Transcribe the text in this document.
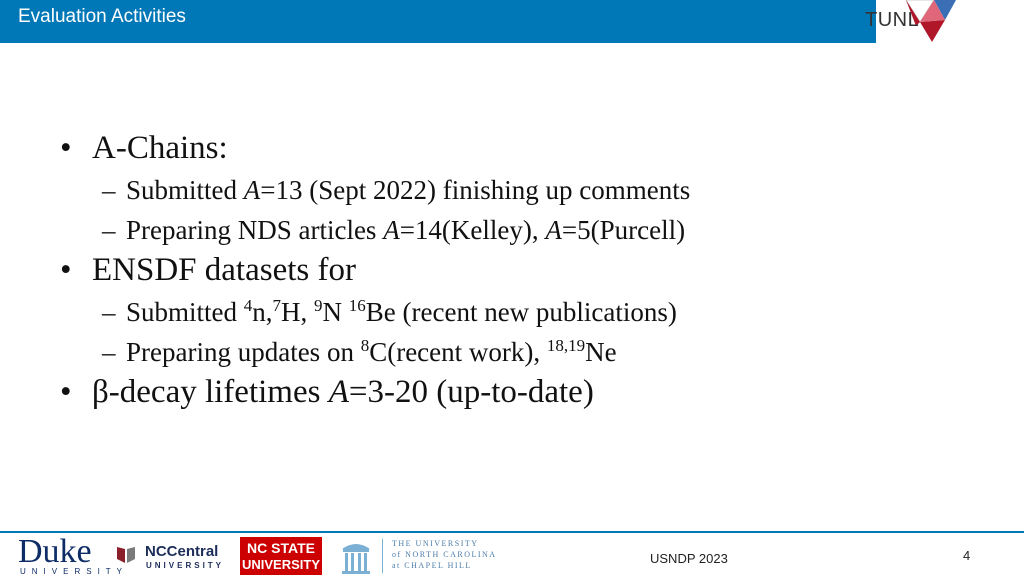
Evaluation Activities	TUNL
• A-Chains:
– Submitted A=13 (Sept 2022) finishing up comments
– Preparing NDS articles A=14(Kelley), A=5(Purcell)
• ENSDF datasets for
– Submitted $^4$n,$^7$H, $^9$N $^{16}$Be (recent new publications)
– Preparing updates on $^8$C(recent work), $^{18,19}$Ne
• β-decay lifetimes A=3-20 (up-to-date)
Duke
UNIVERSITY
NCCentral
UNIVERSITY
NC STATE
UNIVERSITY
THE UNIVERSITY
of NORTH CAROLINA
at CHAPEL HILL	USNDP 2023	4
